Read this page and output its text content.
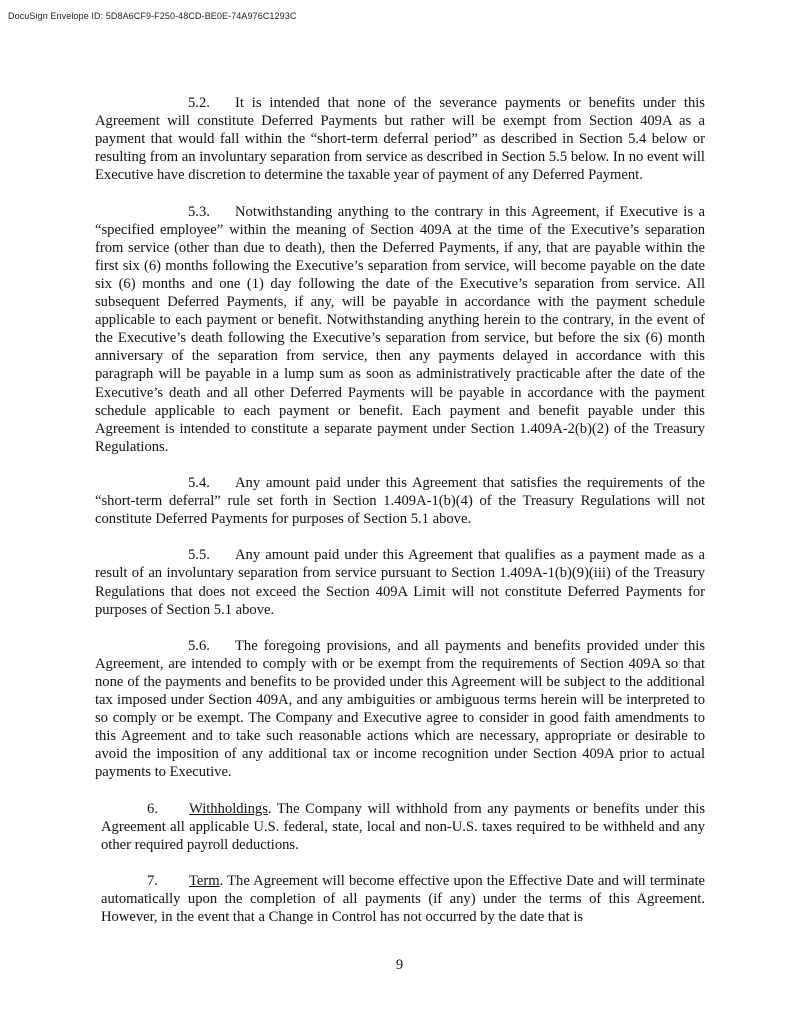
DocuSign Envelope ID: 5D8A6CF9-F250-48CD-BE0E-74A976C1293C

5.2. It is intended that none of the severance payments or benefits under this Agreement will constitute Deferred Payments but rather will be exempt from Section 409A as a payment that would fall within the “short-term deferral period” as described in Section 5.4 below or resulting from an involuntary separation from service as described in Section 5.5 below. In no event will Executive have discretion to determine the taxable year of payment of any Deferred Payment.

5.3. Notwithstanding anything to the contrary in this Agreement, if Executive is a “specified employee” within the meaning of Section 409A at the time of the Executive’s separation from service (other than due to death), then the Deferred Payments, if any, that are payable within the first six (6) months following the Executive’s separation from service, will become payable on the date six (6) months and one (1) day following the date of the Executive’s separation from service. All subsequent Deferred Payments, if any, will be payable in accordance with the payment schedule applicable to each payment or benefit. Notwithstanding anything herein to the contrary, in the event of the Executive’s death following the Executive’s separation from service, but before the six (6) month anniversary of the separation from service, then any payments delayed in accordance with this paragraph will be payable in a lump sum as soon as administratively practicable after the date of the Executive’s death and all other Deferred Payments will be payable in accordance with the payment schedule applicable to each payment or benefit. Each payment and benefit payable under this Agreement is intended to constitute a separate payment under Section 1.409A-2(b)(2) of the Treasury Regulations.

5.4. Any amount paid under this Agreement that satisfies the requirements of the “short-term deferral” rule set forth in Section 1.409A-1(b)(4) of the Treasury Regulations will not constitute Deferred Payments for purposes of Section 5.1 above.

5.5. Any amount paid under this Agreement that qualifies as a payment made as a result of an involuntary separation from service pursuant to Section 1.409A-1(b)(9)(iii) of the Treasury Regulations that does not exceed the Section 409A Limit will not constitute Deferred Payments for purposes of Section 5.1 above.

5.6. The foregoing provisions, and all payments and benefits provided under this Agreement, are intended to comply with or be exempt from the requirements of Section 409A so that none of the payments and benefits to be provided under this Agreement will be subject to the additional tax imposed under Section 409A, and any ambiguities or ambiguous terms herein will be interpreted to so comply or be exempt. The Company and Executive agree to consider in good faith amendments to this Agreement and to take such reasonable actions which are necessary, appropriate or desirable to avoid the imposition of any additional tax or income recognition under Section 409A prior to actual payments to Executive.

6. Withholdings. The Company will withhold from any payments or benefits under this Agreement all applicable U.S. federal, state, local and non-U.S. taxes required to be withheld and any other required payroll deductions.

7. Term. The Agreement will become effective upon the Effective Date and will terminate automatically upon the completion of all payments (if any) under the terms of this Agreement. However, in the event that a Change in Control has not occurred by the date that is

9
